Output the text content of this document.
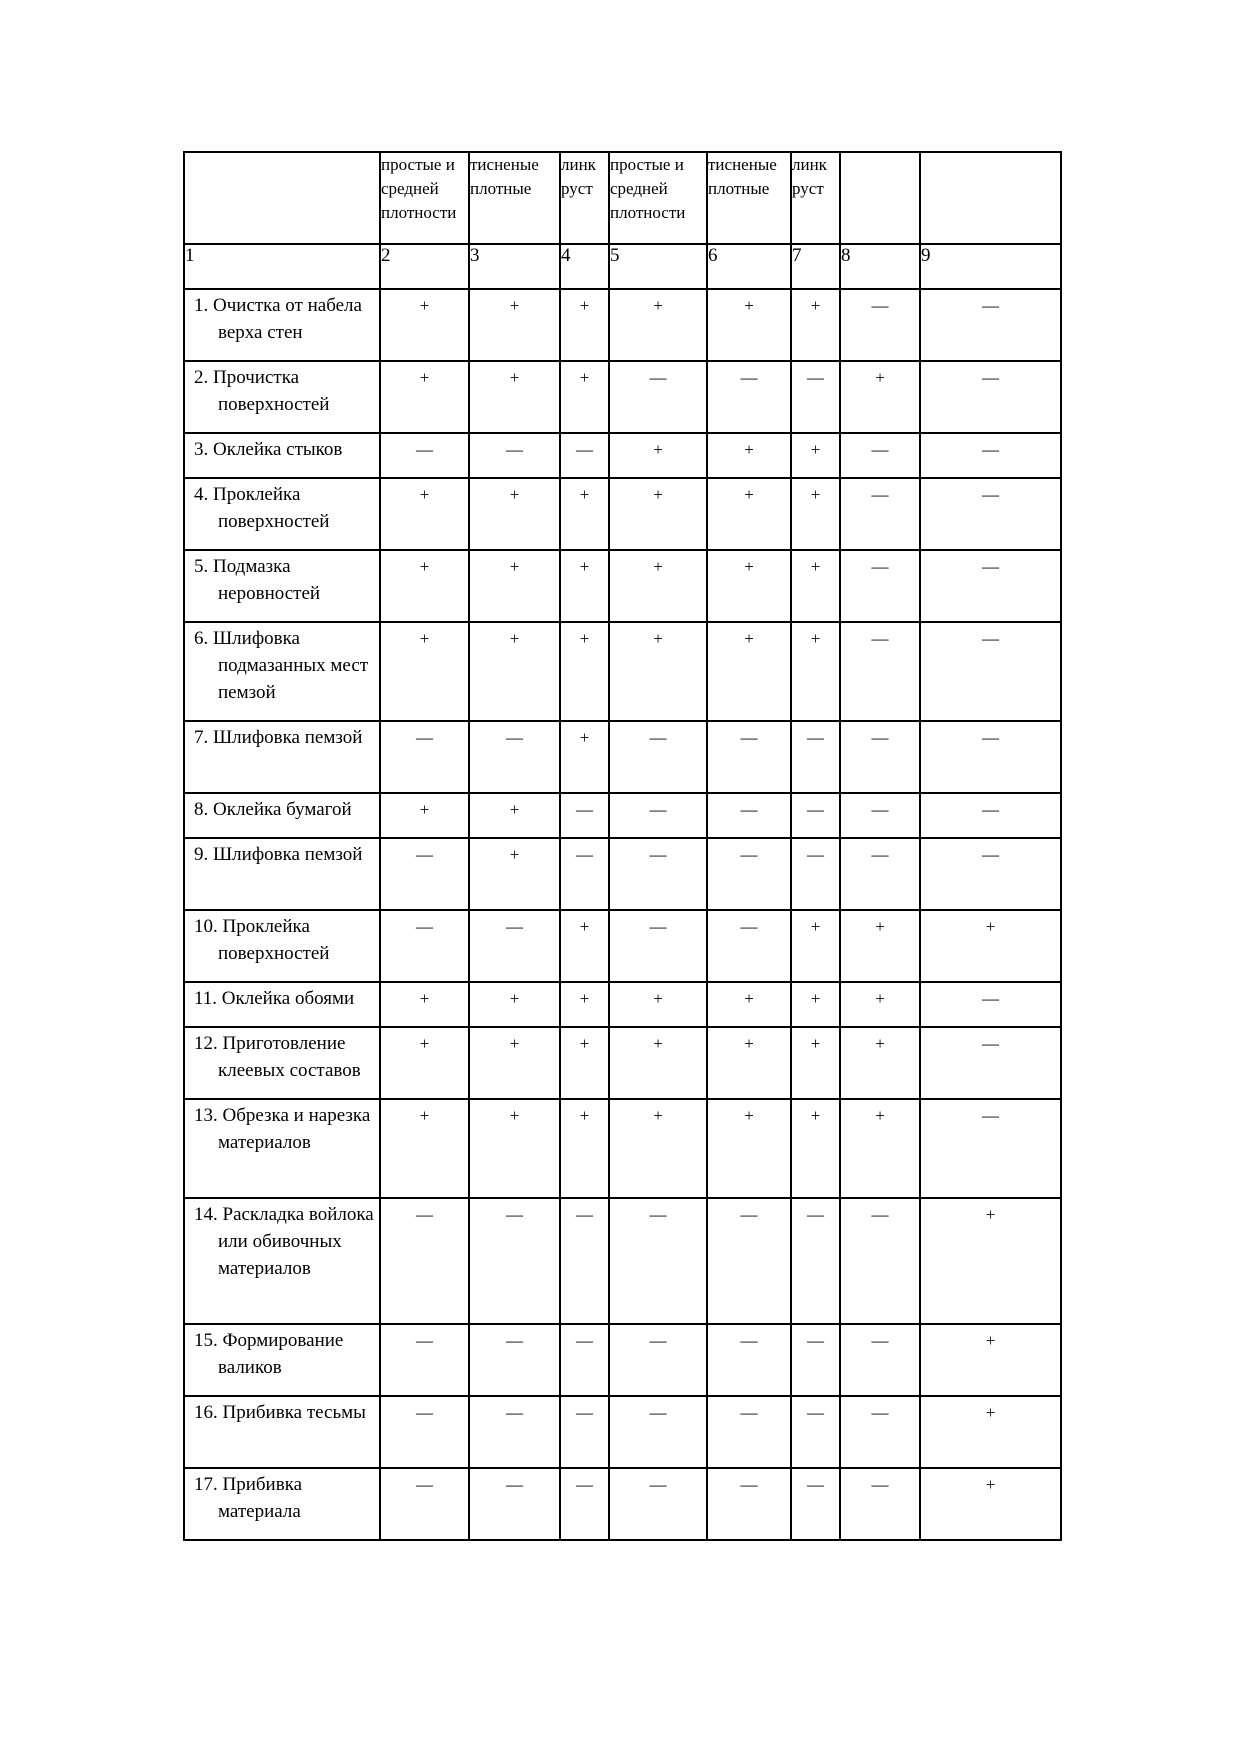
	простые и средней плотности	тисненые плотные	линк руст	простые и средней плотности	тисненые плотные	линк руст		
1	2	3	4	5	6	7	8	9

1. Очистка от набела верха стен	+	+	+	+	+	+	—	—

2. Прочистка поверхностей	+	+	+	—	—	—	+	—

3. Оклейка стыков	—	—	—	+	+	+	—	—

4. Проклейка поверхностей	+	+	+	+	+	+	—	—

5. Подмазка неровностей	+	+	+	+	+	+	—	—

6. Шлифовка подмазанных мест пемзой	+	+	+	+	+	+	—	—

7. Шлифовка пемзой	—	—	+	—	—	—	—	—

8. Оклейка бумагой	+	+	—	—	—	—	—	—

9. Шлифовка пемзой	—	+	—	—	—	—	—	—

10. Проклейка поверхностей	—	—	+	—	—	+	+	+

11. Оклейка обоями	+	+	+	+	+	+	+	—

12. Приготовление клеевых составов	+	+	+	+	+	+	+	—

13. Обрезка и нарезка материалов	+	+	+	+	+	+	+	—

14. Раскладка войлока или обивочных материалов	—	—	—	—	—	—	—	+

15. Формирование валиков	—	—	—	—	—	—	—	+

16. Прибивка тесьмы	—	—	—	—	—	—	—	+

17. Прибивка материала	—	—	—	—	—	—	—	+
